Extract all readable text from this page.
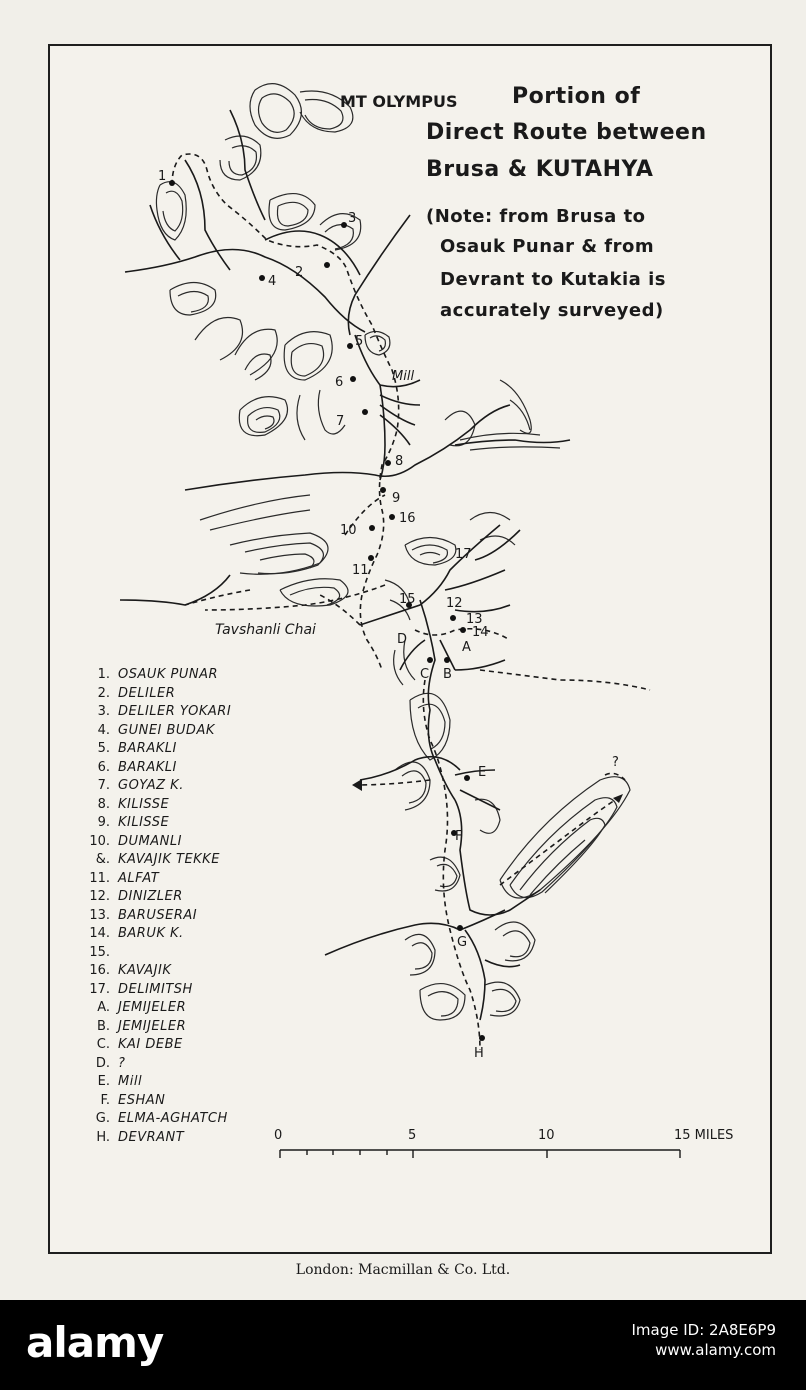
1
2
3
4
5
6
7
8
9
10
16
17
11
15 12
13
14
D
A
C B
E
F
G
H
Mill
?
Tavshanli Chai
MT OLYMPUS Portion of
Direct Route between
Brusa & KUTAHYA
(Note: from Brusa to
Osauk Punar & from
Devrant to Kutakia is
accurately surveyed)
1. OSAUK PUNAR
2. DELILER
3. DELILER YOKARI
4. GUNEI BUDAK
5. BARAKLI
6. BARAKLI
7. GOYAZ K.
8. KILISSE
9. KILISSE
10. DUMANLI
&. KAVAJIK TEKKE
11. ALFAT
12. DINIZLER
13. BARUSERAI
14. BARUK K.
15.
16. KAVAJIK
17. DELIMITSH
A. JEMIJELER
B. JEMIJELER
C. KAI DEBE
D. ?
E. Mill
F. ESHAN
G. ELMA-AGHATCH
H. DEVRANT	0	5	10	15 MILES
London: Macmillan & Co. Ltd.
alamy	Image ID: 2A8E6P9
www.alamy.com
